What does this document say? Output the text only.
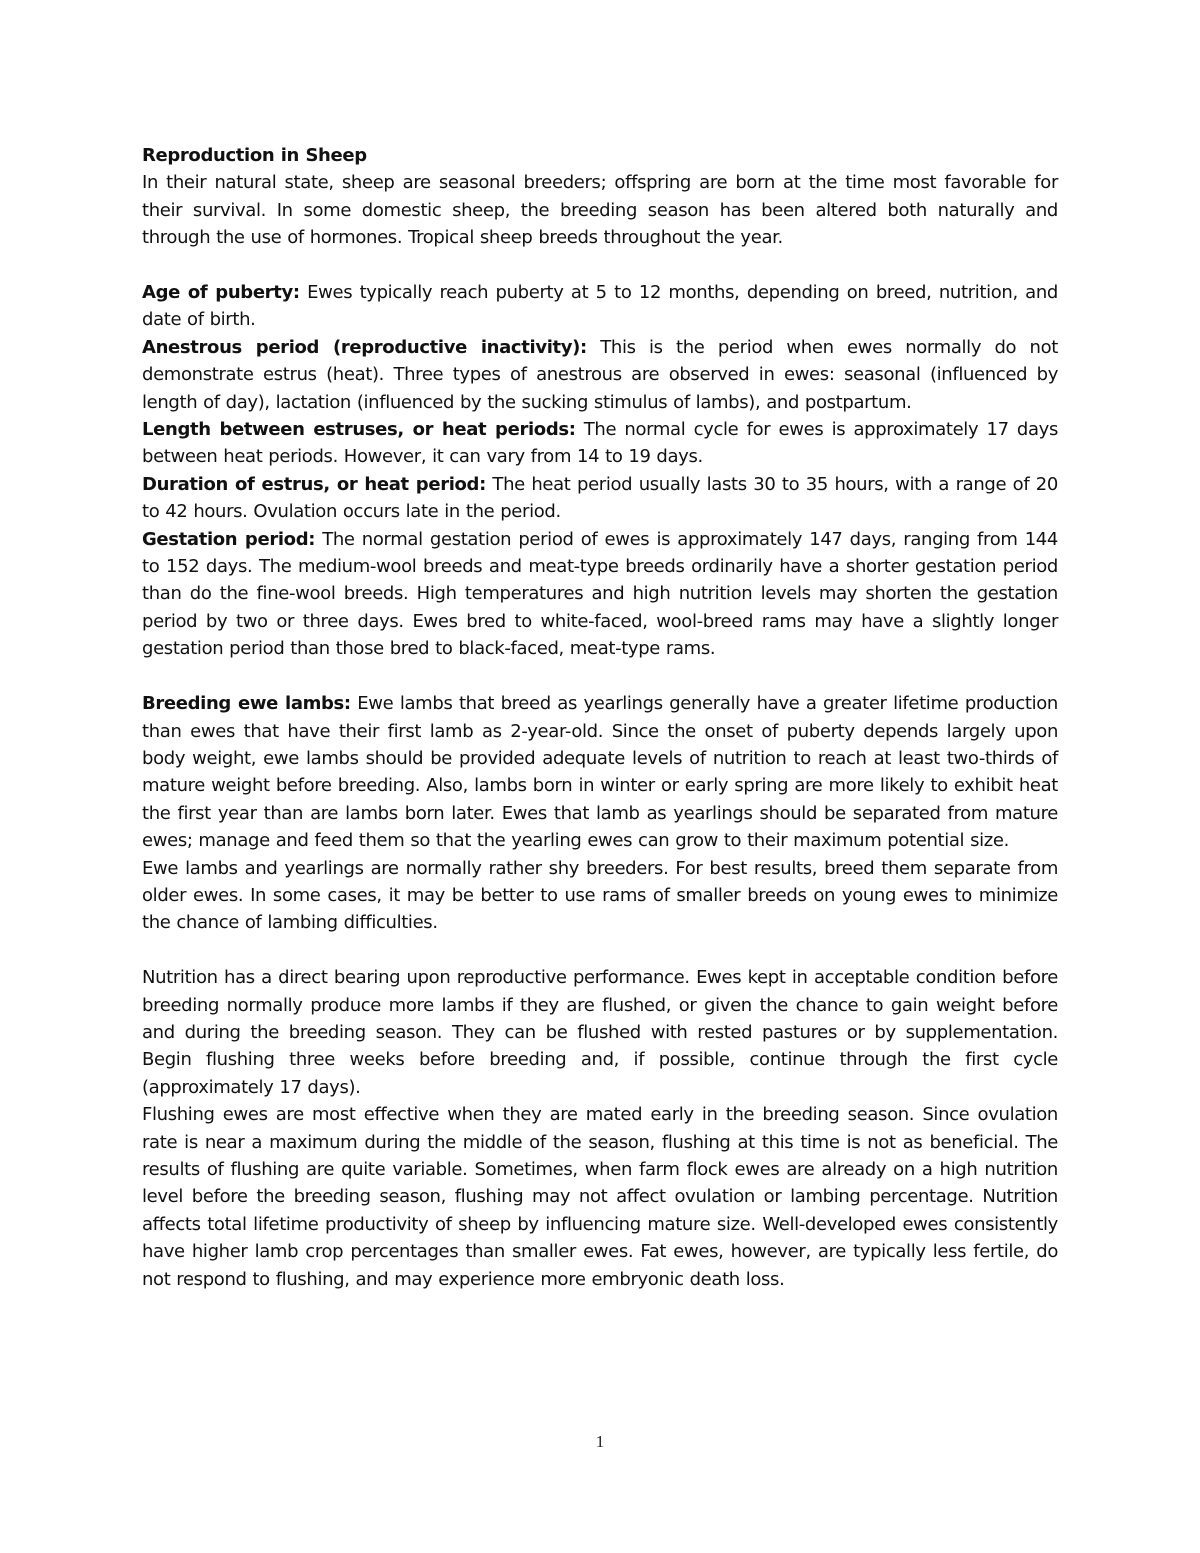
Reproduction in Sheep

In their natural state, sheep are seasonal breeders; offspring are born at the time most favorable for their survival. In some domestic sheep, the breeding season has been altered both naturally and through the use of hormones. Tropical sheep breeds throughout the year.

Age of puberty: Ewes typically reach puberty at 5 to 12 months, depending on breed, nutrition, and date of birth.

Anestrous period (reproductive inactivity): This is the period when ewes normally do not demonstrate estrus (heat). Three types of anestrous are observed in ewes: seasonal (influenced by length of day), lactation (influenced by the sucking stimulus of lambs), and postpartum.

Length between estruses, or heat periods: The normal cycle for ewes is approximately 17 days between heat periods. However, it can vary from 14 to 19 days.

Duration of estrus, or heat period: The heat period usually lasts 30 to 35 hours, with a range of 20 to 42 hours. Ovulation occurs late in the period.

Gestation period: The normal gestation period of ewes is approximately 147 days, ranging from 144 to 152 days. The medium-wool breeds and meat-type breeds ordinarily have a shorter gestation period than do the fine-wool breeds. High temperatures and high nutrition levels may shorten the gestation period by two or three days. Ewes bred to white-faced, wool-breed rams may have a slightly longer gestation period than those bred to black-faced, meat-type rams.

Breeding ewe lambs: Ewe lambs that breed as yearlings generally have a greater lifetime production than ewes that have their first lamb as 2-year-old. Since the onset of puberty depends largely upon body weight, ewe lambs should be provided adequate levels of nutrition to reach at least two-thirds of mature weight before breeding. Also, lambs born in winter or early spring are more likely to exhibit heat the first year than are lambs born later. Ewes that lamb as yearlings should be separated from mature ewes; manage and feed them so that the yearling ewes can grow to their maximum potential size.

Ewe lambs and yearlings are normally rather shy breeders. For best results, breed them separate from older ewes. In some cases, it may be better to use rams of smaller breeds on young ewes to minimize the chance of lambing difficulties.

Nutrition has a direct bearing upon reproductive performance. Ewes kept in acceptable condition before breeding normally produce more lambs if they are flushed, or given the chance to gain weight before and during the breeding season. They can be flushed with rested pastures or by supplementation. Begin flushing three weeks before breeding and, if possible, continue through the first cycle (approximately 17 days).

Flushing ewes are most effective when they are mated early in the breeding season. Since ovulation rate is near a maximum during the middle of the season, flushing at this time is not as beneficial. The results of flushing are quite variable. Sometimes, when farm flock ewes are already on a high nutrition level before the breeding season, flushing may not affect ovulation or lambing percentage. Nutrition affects total lifetime productivity of sheep by influencing mature size. Well-developed ewes consistently have higher lamb crop percentages than smaller ewes. Fat ewes, however, are typically less fertile, do not respond to flushing, and may experience more embryonic death loss.

1
